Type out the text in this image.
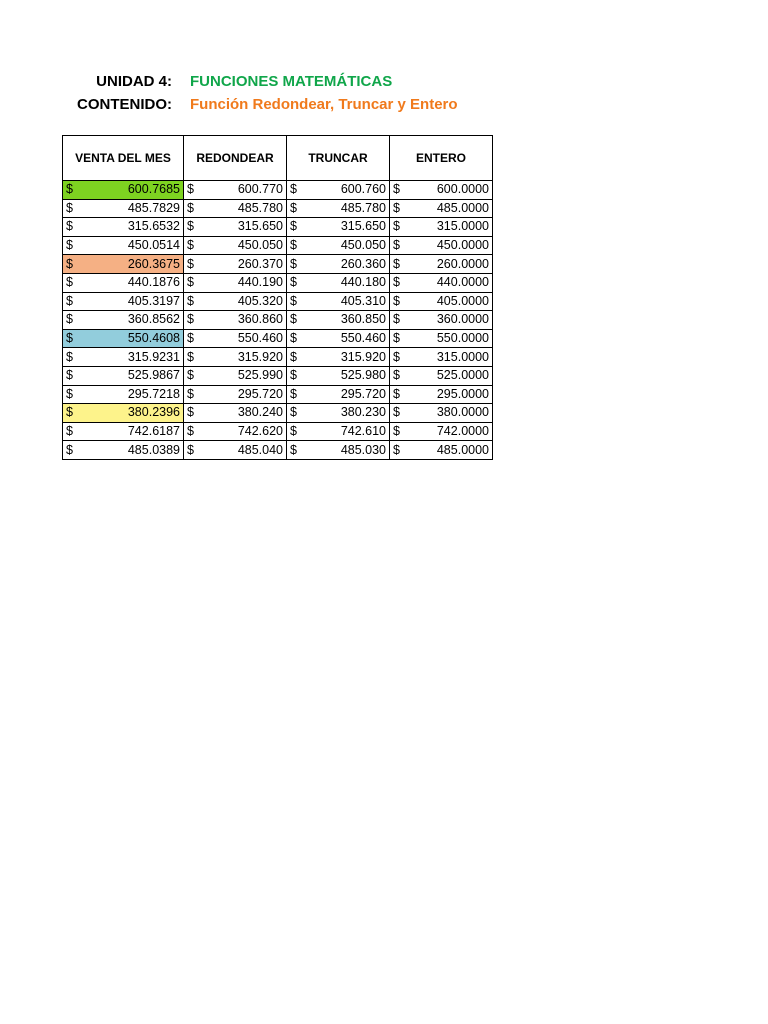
UNIDAD 4: FUNCIONES MATEMÁTICAS
CONTENIDO: Función Redondear, Truncar y Entero
VENTA DEL MES	REDONDEAR	TRUNCAR	ENTERO

$ 600.7685	$ 600.770	$ 600.760	$ 600.0000

$ 485.7829	$ 485.780	$ 485.780	$ 485.0000

$ 315.6532	$ 315.650	$ 315.650	$ 315.0000

$ 450.0514	$ 450.050	$ 450.050	$ 450.0000

$ 260.3675	$ 260.370	$ 260.360	$ 260.0000

$ 440.1876	$ 440.190	$ 440.180	$ 440.0000

$ 405.3197	$ 405.320	$ 405.310	$ 405.0000

$ 360.8562	$ 360.860	$ 360.850	$ 360.0000

$ 550.4608	$ 550.460	$ 550.460	$ 550.0000

$ 315.9231	$ 315.920	$ 315.920	$ 315.0000

$ 525.9867	$ 525.990	$ 525.980	$ 525.0000

$ 295.7218	$ 295.720	$ 295.720	$ 295.0000

$ 380.2396	$ 380.240	$ 380.230	$ 380.0000

$ 742.6187	$ 742.620	$ 742.610	$ 742.0000

$ 485.0389	$ 485.040	$ 485.030	$ 485.0000
